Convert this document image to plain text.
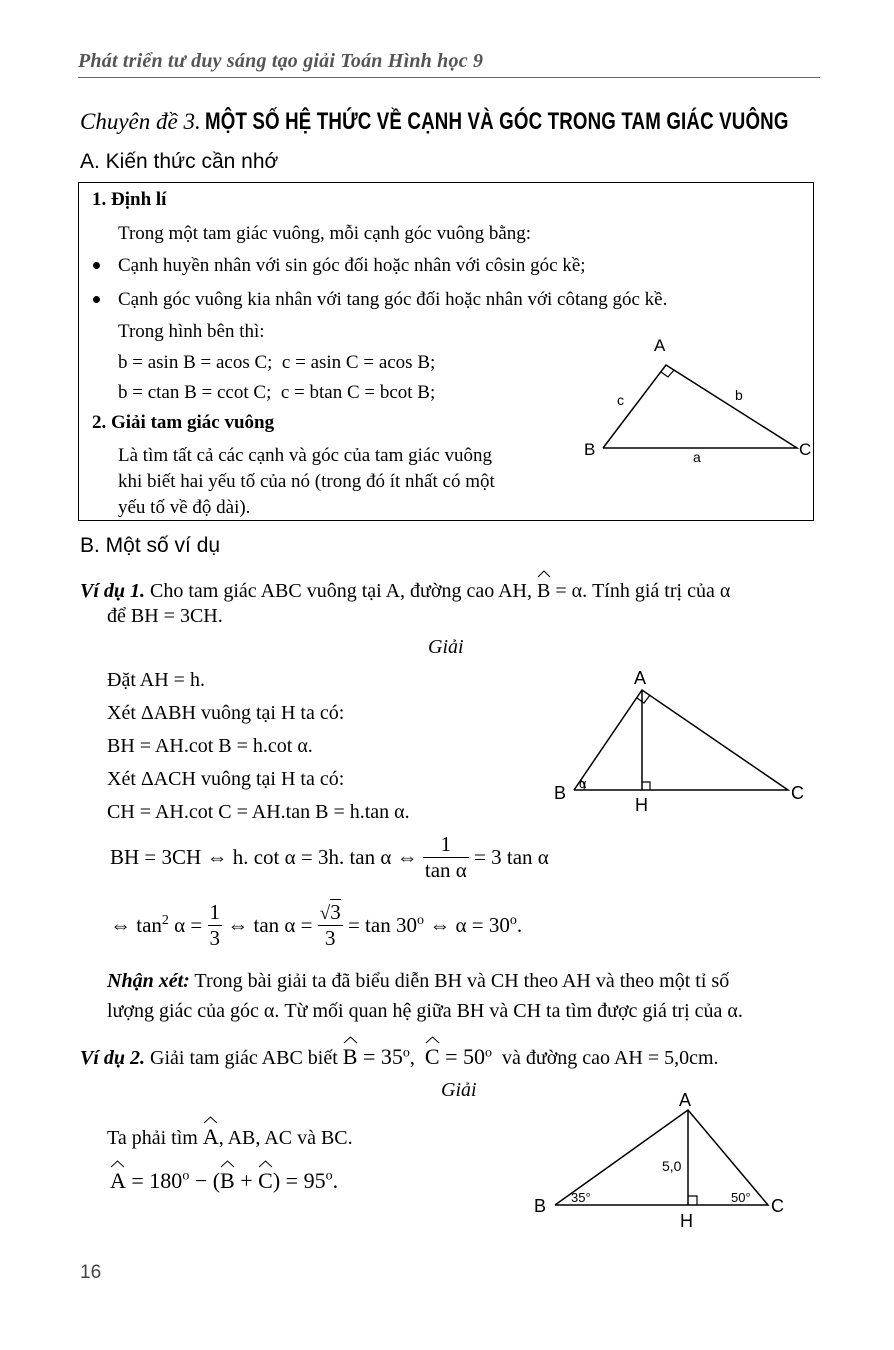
Phát triển tư duy sáng tạo giải Toán Hình học 9
Chuyên đề 3. MỘT SỐ HỆ THỨC VỀ CẠNH VÀ GÓC TRONG TAM GIÁC VUÔNG
A. Kiến thức cần nhớ
1. Định lí
Trong một tam giác vuông, mỗi cạnh góc vuông bằng:
Cạnh huyền nhân với sin góc đối hoặc nhân với côsin góc kề;
Cạnh góc vuông kia nhân với tang góc đối hoặc nhân với côtang góc kề.
Trong hình bên thì:
b = asin B = acos C;  c = asin C = acos B;
b = ctan B = ccot C;  c = btan C = bcot B;
2. Giải tam giác vuông
Là tìm tất cả các cạnh và góc của tam giác vuông
khi biết hai yếu tố của nó (trong đó ít nhất có một
yếu tố về độ dài).
A
B	C
a
b
c
B. Một số ví dụ
Ví dụ 1. Cho tam giác ABC vuông tại A, đường cao AH,
B = α. Tính giá trị của α
để BH = 3CH.
Giải
Đặt AH = h.
Xét ΔABH vuông tại H ta có:
BH = AH.cot B = h.cot α.
Xét ΔACH vuông tại H ta có:
CH = AH.cot C = AH.tan B = h.tan α.
A
B	C
H
α
BH = 3CH ⇔ h. cot α = 3h. tan α ⇔ $\frac{1}{\text{tan α}} = 3$ tan α
⇔ $\tan^2 \alpha = \frac{1}{3}$ ⇔ $\tan \alpha = \frac{√3}{3} = \tan 30^o$ ⇔ $\alpha = 30^o$.
Nhận xét: Trong bài giải ta đã biểu diễn BH và CH theo AH và theo một tỉ số
lượng giác của góc α. Từ mối quan hệ giữa BH và CH ta tìm được giá trị của α.
Ví dụ 2. Giải tam giác ABC biết
$B = 35^o$,
$C = 50^o$  và đường cao AH = 5,0cm.
Giải
Ta phải tìm
A, AB, AC và BC.
$A = 180^o$ − (
B +
$C) = 95^o$.
A
B	C
H
5,0
35°	50°
16
